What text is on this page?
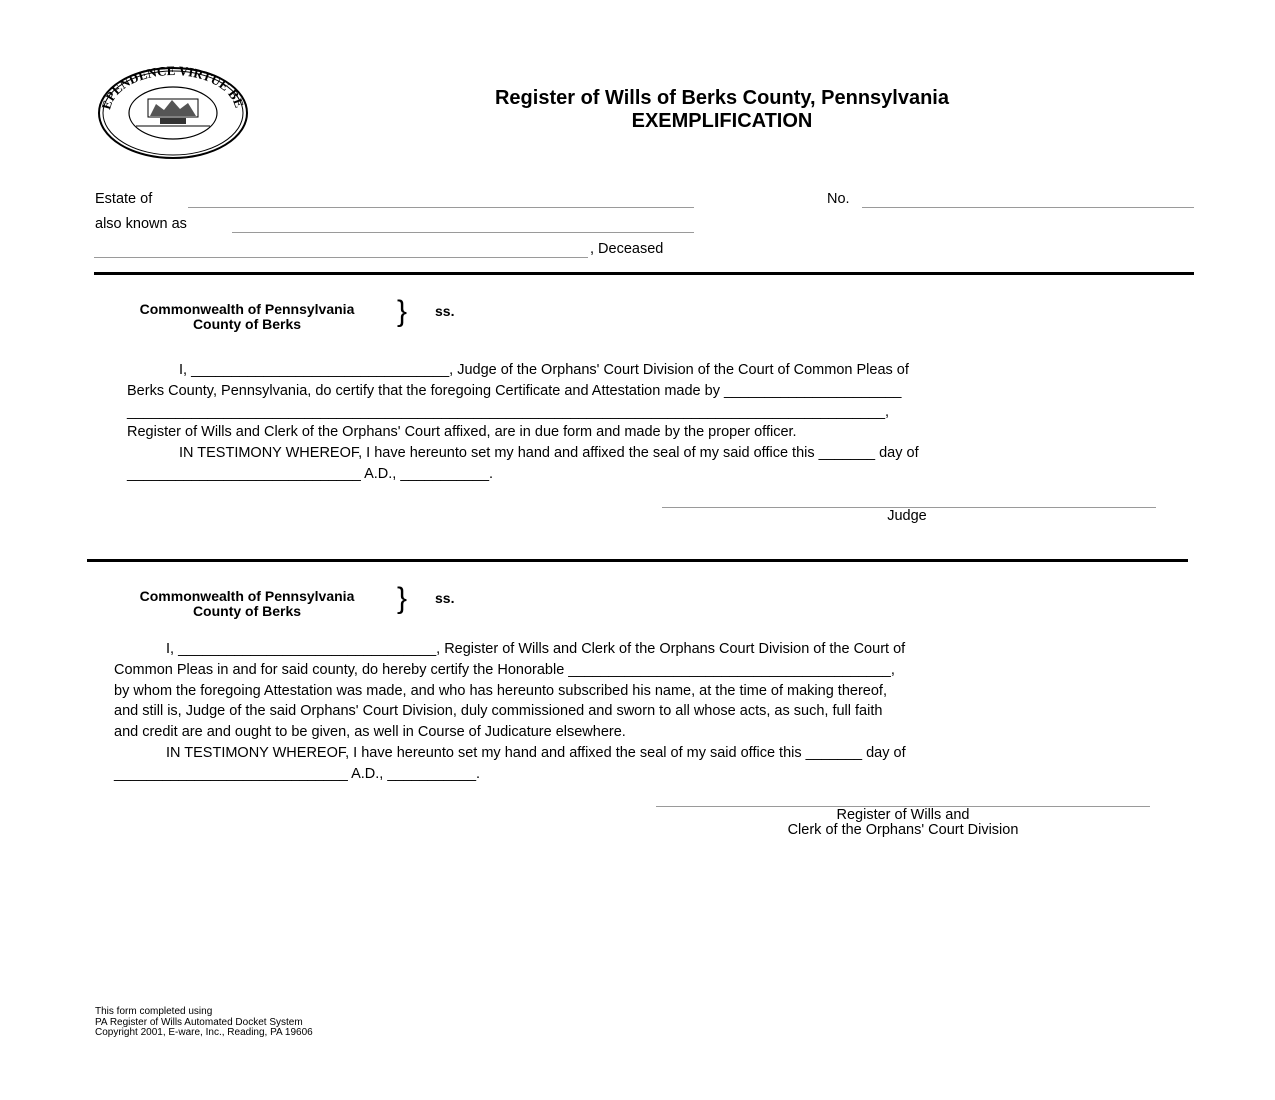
EPENDENCE VIRTUE BE	Register of Wills of Berks County, Pennsylvania
EXEMPLIFICATION
Estate of	No.
also known as
, Deceased
Commonwealth of Pennsylvania
County of Berks	} ss.

I, ________________________________, Judge of the Orphans' Court Division of the Court of Common Pleas of

Berks County, Pennsylvania, do certify that the foregoing Certificate and Attestation made by ______________________

______________________________________________________________________________________________,

Register of Wills and Clerk of the Orphans' Court affixed, are in due form and made by the proper officer.

IN TESTIMONY WHEREOF, I have hereunto set my hand and affixed the seal of my said office this _______ day of

_____________________________ A.D., ___________.

Judge
Commonwealth of Pennsylvania
County of Berks	} ss.

I, ________________________________, Register of Wills and Clerk of the Orphans Court Division of the Court of

Common Pleas in and for said county, do hereby certify the Honorable ________________________________________,

by whom the foregoing Attestation was made, and who has hereunto subscribed his name, at the time of making thereof,

and still is, Judge of the said Orphans' Court Division, duly commissioned and sworn to all whose acts, as such, full faith

and credit are and ought to be given, as well in Course of Judicature elsewhere.

IN TESTIMONY WHEREOF, I have hereunto set my hand and affixed the seal of my said office this _______ day of

_____________________________ A.D., ___________.

Register of Wills and
Clerk of the Orphans' Court Division
This form completed using
PA Register of Wills Automated Docket System
Copyright 2001, E-ware, Inc., Reading, PA 19606
